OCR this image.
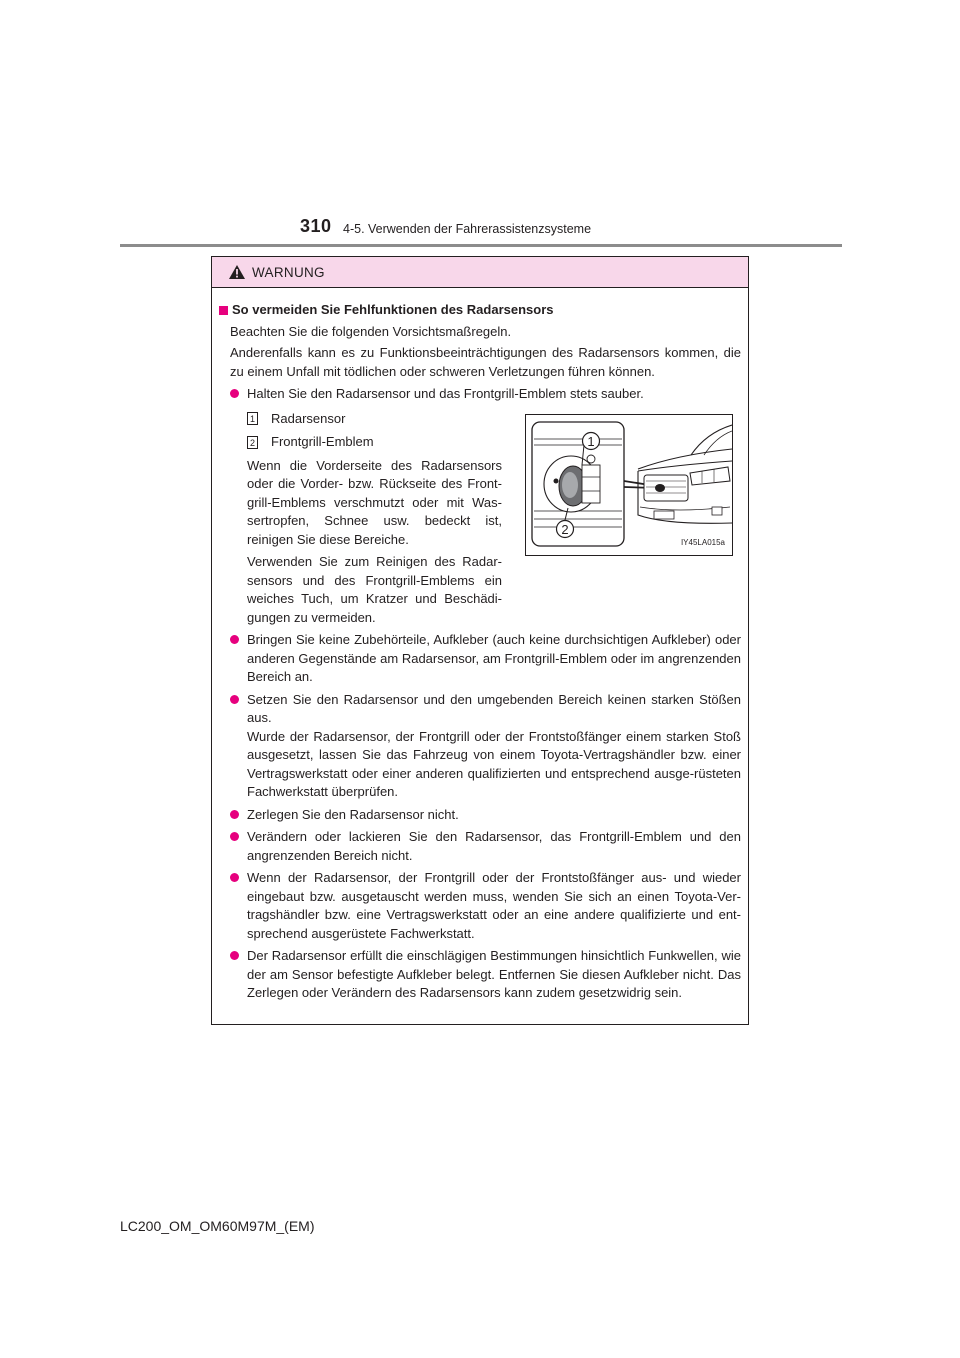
310 4-5. Verwenden der Fahrerassistenzsysteme
WARNUNG
So vermeiden Sie Fehlfunktionen des Radarsensors
Beachten Sie die folgenden Vorsichtsmaßregeln.
Anderenfalls kann es zu Funktionsbeeinträchtigungen des Radarsensors kommen, die zu einem Unfall mit tödlichen oder schweren Verletzungen führen können.
Halten Sie den Radarsensor und das Frontgrill-Emblem stets sauber.
1 Radarsensor
2 Frontgrill-Emblem
Wenn die Vorderseite des Radarsensors oder die Vorder- bzw. Rückseite des Front-grill-Emblems verschmutzt oder mit Was-sertropfen, Schnee usw. bedeckt ist, reinigen Sie diese Bereiche.
Verwenden Sie zum Reinigen des Radar-sensors und des Frontgrill-Emblems ein weiches Tuch, um Kratzer und Beschädi-gungen zu vermeiden.
1
2
IY45LA015a
Bringen Sie keine Zubehörteile, Aufkleber (auch keine durchsichtigen Aufkleber) oder anderen Gegenstände am Radarsensor, am Frontgrill-Emblem oder im angrenzenden Bereich an.
Setzen Sie den Radarsensor und den umgebenden Bereich keinen starken Stößen aus.
Wurde der Radarsensor, der Frontgrill oder der Frontstoßfänger einem starken Stoß ausgesetzt, lassen Sie das Fahrzeug von einem Toyota-Vertragshändler bzw. einer Vertragswerkstatt oder einer anderen qualifizierten und entsprechend ausge-rüsteten Fachwerkstatt überprüfen.
Zerlegen Sie den Radarsensor nicht.
Verändern oder lackieren Sie den Radarsensor, das Frontgrill-Emblem und den angrenzenden Bereich nicht.
Wenn der Radarsensor, der Frontgrill oder der Frontstoßfänger aus- und wieder eingebaut bzw. ausgetauscht werden muss, wenden Sie sich an einen Toyota-Ver-tragshändler bzw. eine Vertragswerkstatt oder an eine andere qualifizierte und ent-sprechend ausgerüstete Fachwerkstatt.
Der Radarsensor erfüllt die einschlägigen Bestimmungen hinsichtlich Funkwellen, wie der am Sensor befestigte Aufkleber belegt. Entfernen Sie diesen Aufkleber nicht. Das Zerlegen oder Verändern des Radarsensors kann zudem gesetzwidrig sein.
LC200_OM_OM60M97M_(EM)
